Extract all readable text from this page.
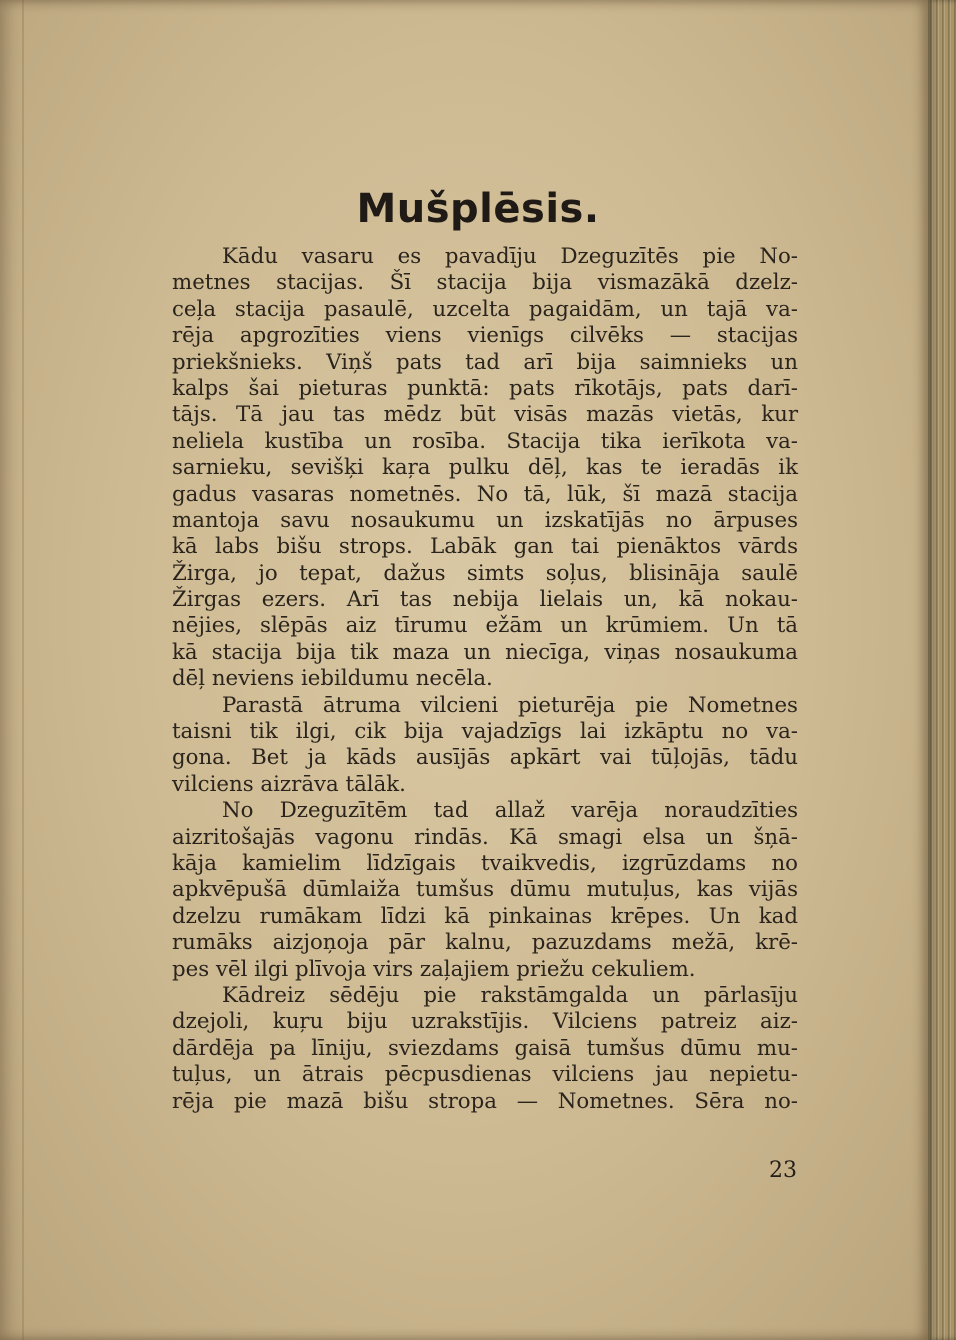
Mušplēsis.
Kādu vasaru es pavadīju Dzeguzītēs pie No-
metnes stacijas. Šī stacija bija vismazākā dzelz-
ceļa stacija pasaulē, uzcelta pagaidām, un tajā va-
rēja apgrozīties viens vienīgs cilvēks — stacijas
priekšnieks. Viņš pats tad arī bija saimnieks un
kalps šai pieturas punktā: pats rīkotājs, pats darī-
tājs. Tā jau tas mēdz būt visās mazās vietās, kur
neliela kustība un rosība. Stacija tika ierīkota va-
sarnieku, sevišķi kaŗa pulku dēļ, kas te ieradās ik
gadus vasaras nometnēs. No tā, lūk, šī mazā stacija
mantoja savu nosaukumu un izskatījās no ārpuses
kā labs bišu strops. Labāk gan tai pienāktos vārds
Žirga, jo tepat, dažus simts soļus, blisināja saulē
Žirgas ezers. Arī tas nebija lielais un, kā nokau-
nējies, slēpās aiz tīrumu ežām un krūmiem. Un tā
kā stacija bija tik maza un niecīga, viņas nosaukuma
dēļ neviens iebildumu necēla.
Parastā ātruma vilcieni pieturēja pie Nometnes
taisni tik ilgi, cik bija vajadzīgs lai izkāptu no va-
gona. Bet ja kāds ausījās apkārt vai tūļojās, tādu
vilciens aizrāva tālāk.
No Dzeguzītēm tad allaž varēja noraudzīties
aizritošajās vagonu rindās. Kā smagi elsa un šņā-
kāja kamielim līdzīgais tvaikvedis, izgrūzdams no
apkvēpušā dūmlaiža tumšus dūmu mutuļus, kas vijās
dzelzu rumākam līdzi kā pinkainas krēpes. Un kad
rumāks aizjoņoja pār kalnu, pazuzdams mežā, krē-
pes vēl ilgi plīvoja virs zaļajiem priežu cekuliem.
Kādreiz sēdēju pie rakstāmgalda un pārlasīju
dzejoli, kuŗu biju uzrakstījis. Vilciens patreiz aiz-
dārdēja pa līniju, sviezdams gaisā tumšus dūmu mu-
tuļus, un ātrais pēcpusdienas vilciens jau nepietu-
rēja pie mazā bišu stropa — Nometnes. Sēra no-
23
